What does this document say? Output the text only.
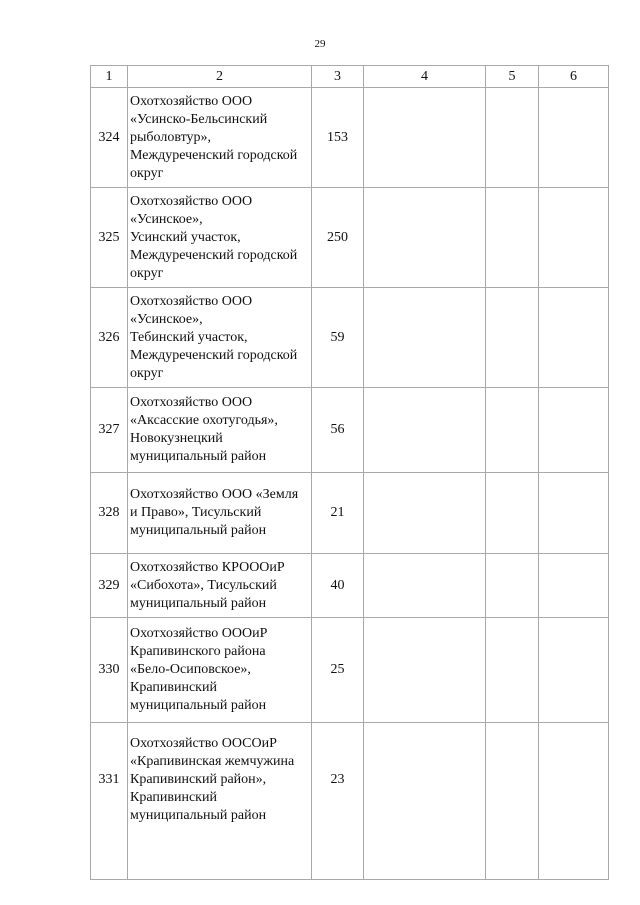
29
1	2	3	4	5	6
324	Охотхозяйство ООО
«Усинско-Бельсинский
рыболовтур»,
Междуреченский городской
округ	153			
325	Охотхозяйство ООО
«Усинское»,
Усинский участок,
Междуреченский городской
округ	250			
326	Охотхозяйство ООО
«Усинское»,
Тебинский участок,
Междуреченский городской
округ	59			
327	Охотхозяйство ООО
«Аксасские охотугодья»,
Новокузнецкий
муниципальный район	56			
328	Охотхозяйство ООО «Земля
и Право», Тисульский
муниципальный район	21			
329	Охотхозяйство КРОООиР
«Сибохота», Тисульский
муниципальный район	40			
330	Охотхозяйство ОООиР
Крапивинского района
«Бело-Осиповское»,
Крапивинский
муниципальный район	25			
331	Охотхозяйство ООСОиР
«Крапивинская жемчужина
Крапивинский район»,
Крапивинский
муниципальный район	23			
